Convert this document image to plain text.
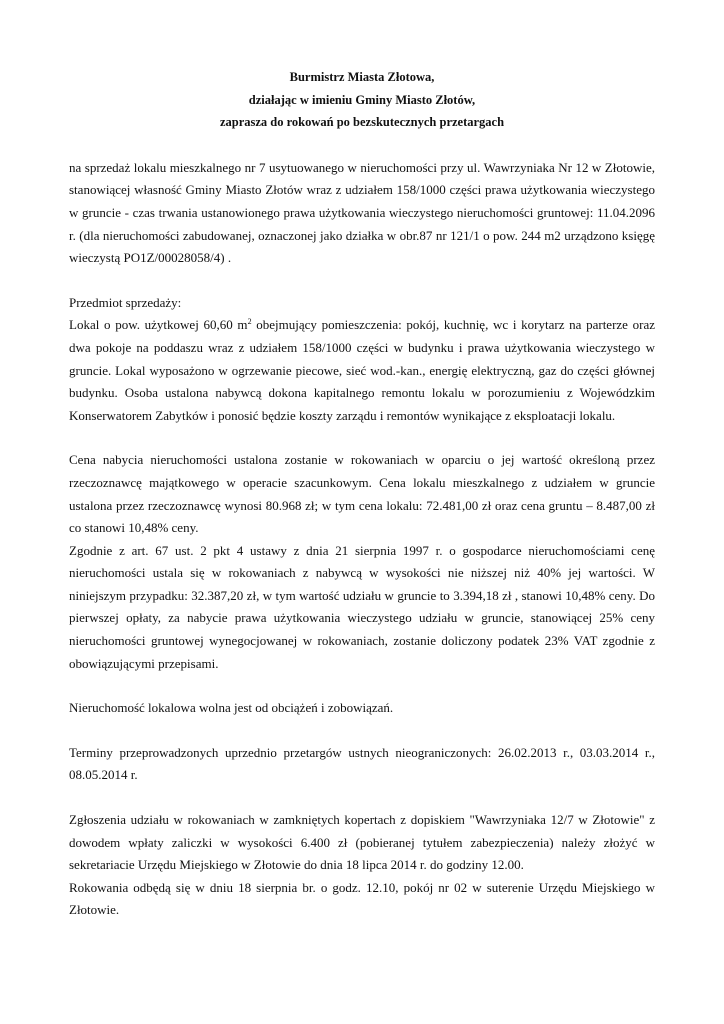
Burmistrz Miasta Złotowa,
działając w imieniu Gminy Miasto Złotów,
zaprasza do rokowań po bezskutecznych przetargach

na sprzedaż lokalu mieszkalnego nr 7 usytuowanego w nieruchomości przy ul. Wawrzyniaka Nr 12 w Złotowie, stanowiącej własność Gminy Miasto Złotów wraz z udziałem 158/1000 części prawa użytkowania wieczystego w gruncie - czas trwania ustanowionego prawa użytkowania wieczystego nieruchomości gruntowej: 11.04.2096 r. (dla nieruchomości zabudowanej, oznaczonej jako działka w obr.87 nr 121/1 o pow. 244 m2 urządzono księgę wieczystą PO1Z/00028058/4) .

Przedmiot sprzedaży:

Lokal o pow. użytkowej 60,60 $m^2$ obejmujący pomieszczenia: pokój, kuchnię, wc i korytarz na parterze oraz dwa pokoje na poddaszu wraz z udziałem 158/1000 części w budynku i prawa użytkowania wieczystego w gruncie. Lokal wyposażono w ogrzewanie piecowe, sieć wod.-kan., energię elektryczną, gaz do części głównej budynku. Osoba ustalona nabywcą dokona kapitalnego remontu lokalu w porozumieniu z Wojewódzkim Konserwatorem Zabytków i ponosić będzie koszty zarządu i remontów wynikające z eksploatacji lokalu.

Cena nabycia nieruchomości ustalona zostanie w rokowaniach w oparciu o jej wartość określoną przez rzeczoznawcę majątkowego w operacie szacunkowym. Cena lokalu mieszkalnego z udziałem w gruncie ustalona przez rzeczoznawcę wynosi 80.968 zł; w tym cena lokalu: 72.481,00 zł oraz cena gruntu – 8.487,00 zł co stanowi 10,48% ceny.

Zgodnie z art. 67 ust. 2 pkt 4 ustawy z dnia 21 sierpnia 1997 r. o gospodarce nieruchomościami cenę nieruchomości ustala się w rokowaniach z nabywcą w wysokości nie niższej niż 40% jej wartości. W niniejszym przypadku: 32.387,20 zł, w tym wartość udziału w gruncie to 3.394,18 zł , stanowi 10,48% ceny. Do pierwszej opłaty, za nabycie prawa użytkowania wieczystego udziału w gruncie, stanowiącej 25% ceny nieruchomości gruntowej wynegocjowanej w rokowaniach, zostanie doliczony podatek 23% VAT zgodnie z obowiązującymi przepisami.

Nieruchomość lokalowa wolna jest od obciążeń i zobowiązań.

Terminy przeprowadzonych uprzednio przetargów ustnych nieograniczonych: 26.02.2013 r., 03.03.2014 r., 08.05.2014 r.

Zgłoszenia udziału w rokowaniach w zamkniętych kopertach z dopiskiem "Wawrzyniaka 12/7 w Złotowie" z dowodem wpłaty zaliczki w wysokości 6.400 zł (pobieranej tytułem zabezpieczenia) należy złożyć w sekretariacie Urzędu Miejskiego w Złotowie do dnia 18 lipca 2014 r. do godziny 12.00.

Rokowania odbędą się w dniu 18 sierpnia br. o godz. 12.10, pokój nr 02 w suterenie Urzędu Miejskiego w Złotowie.
